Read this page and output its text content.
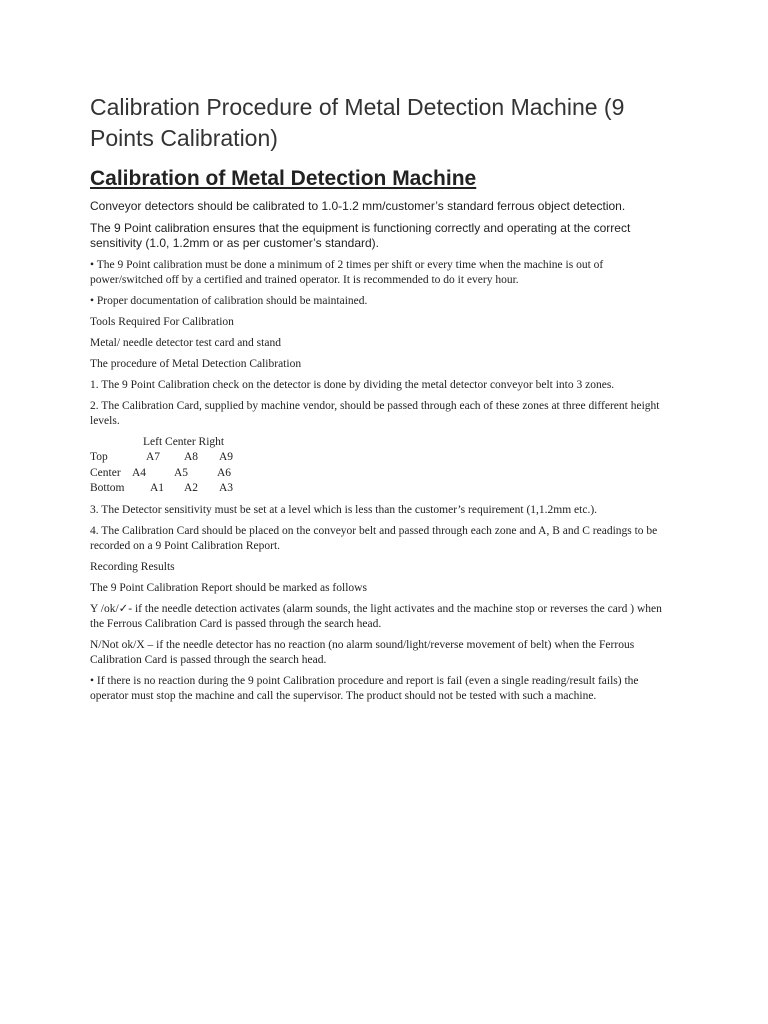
Calibration Procedure of Metal Detection Machine (9 Points Calibration)
Calibration of Metal Detection Machine

Conveyor detectors should be calibrated to 1.0-1.2 mm/customer’s standard ferrous object detection.

The 9 Point calibration ensures that the equipment is functioning correctly and operating at the correct sensitivity (1.0, 1.2mm or as per customer’s standard).

• The 9 Point calibration must be done a minimum of 2 times per shift or every time when the machine is out of power/switched off by a certified and trained operator. It is recommended to do it every hour.

• Proper documentation of calibration should be maintained.

Tools Required For Calibration

Metal/ needle detector test card and stand

The procedure of Metal Detection Calibration

1. The 9 Point Calibration check on the detector is done by dividing the metal detector conveyor belt into 3 zones.

2. The Calibration Card, supplied by machine vendor, should be passed through each of these zones at three different height levels.

Left Center Right
Top	A7 A8 A9
Center A4 A5	A6
Bottom A1 A2 A3

3. The Detector sensitivity must be set at a level which is less than the customer’s requirement (1,1.2mm etc.).

4. The Calibration Card should be placed on the conveyor belt and passed through each zone and A, B and C readings to be recorded on a 9 Point Calibration Report.

Recording Results

The 9 Point Calibration Report should be marked as follows

Y /ok/✓- if the needle detection activates (alarm sounds, the light activates and the machine stop or reverses the card ) when the Ferrous Calibration Card is passed through the search head.

N/Not ok/X – if the needle detector has no reaction (no alarm sound/light/reverse movement of belt) when the Ferrous Calibration Card is passed through the search head.

• If there is no reaction during the 9 point Calibration procedure and report is fail (even a single reading/result fails) the operator must stop the machine and call the supervisor. The product should not be tested with such a machine.
